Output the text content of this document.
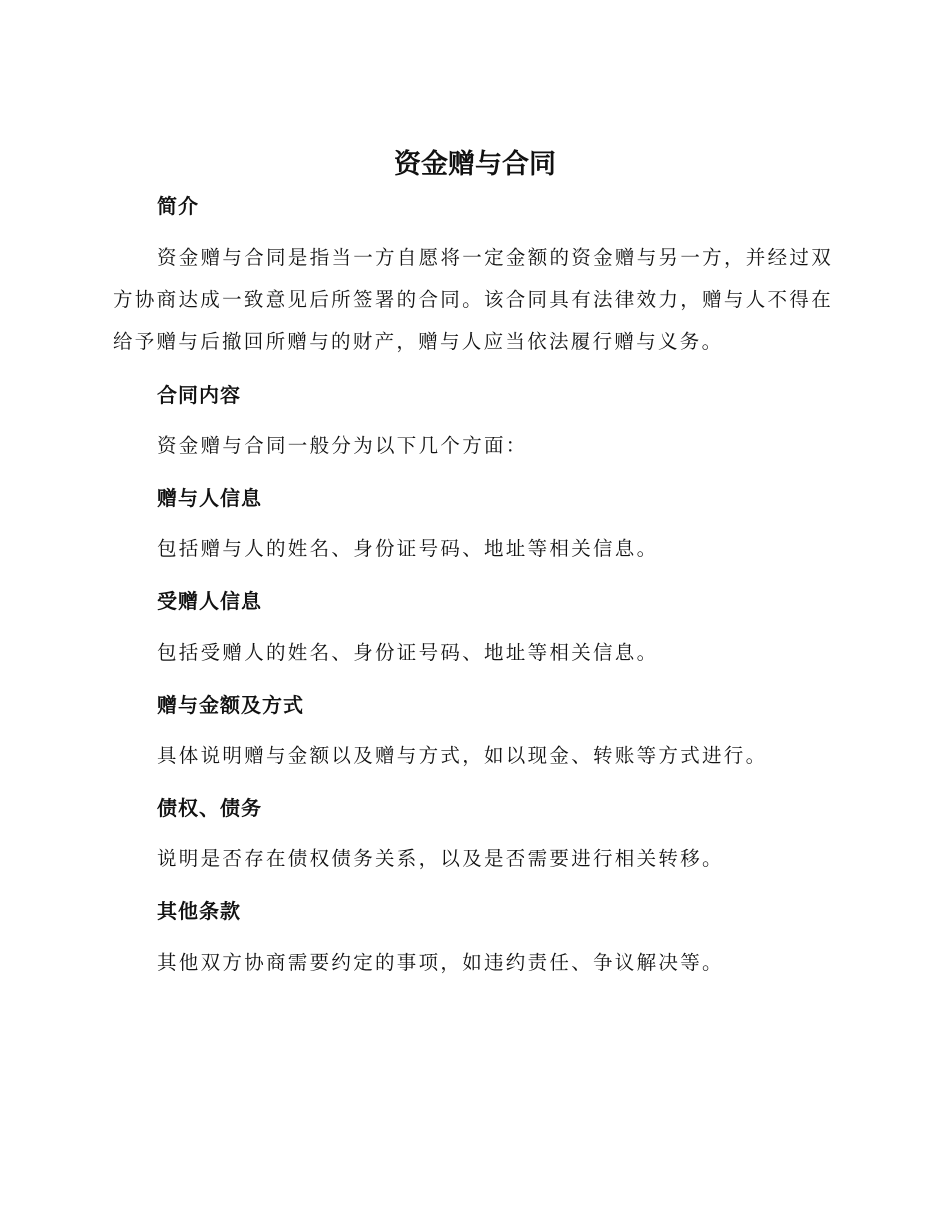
资金赠与合同
简介
资金赠与合同是指当一方自愿将一定金额的资金赠与另一方，并经过双方协商达成一致意见后所签署的合同。该合同具有法律效力，赠与人不得在给予赠与后撤回所赠与的财产，赠与人应当依法履行赠与义务。
合同内容
资金赠与合同一般分为以下几个方面：
赠与人信息
包括赠与人的姓名、身份证号码、地址等相关信息。
受赠人信息
包括受赠人的姓名、身份证号码、地址等相关信息。
赠与金额及方式
具体说明赠与金额以及赠与方式，如以现金、转账等方式进行。
债权、债务
说明是否存在债权债务关系，以及是否需要进行相关转移。
其他条款
其他双方协商需要约定的事项，如违约责任、争议解决等。
